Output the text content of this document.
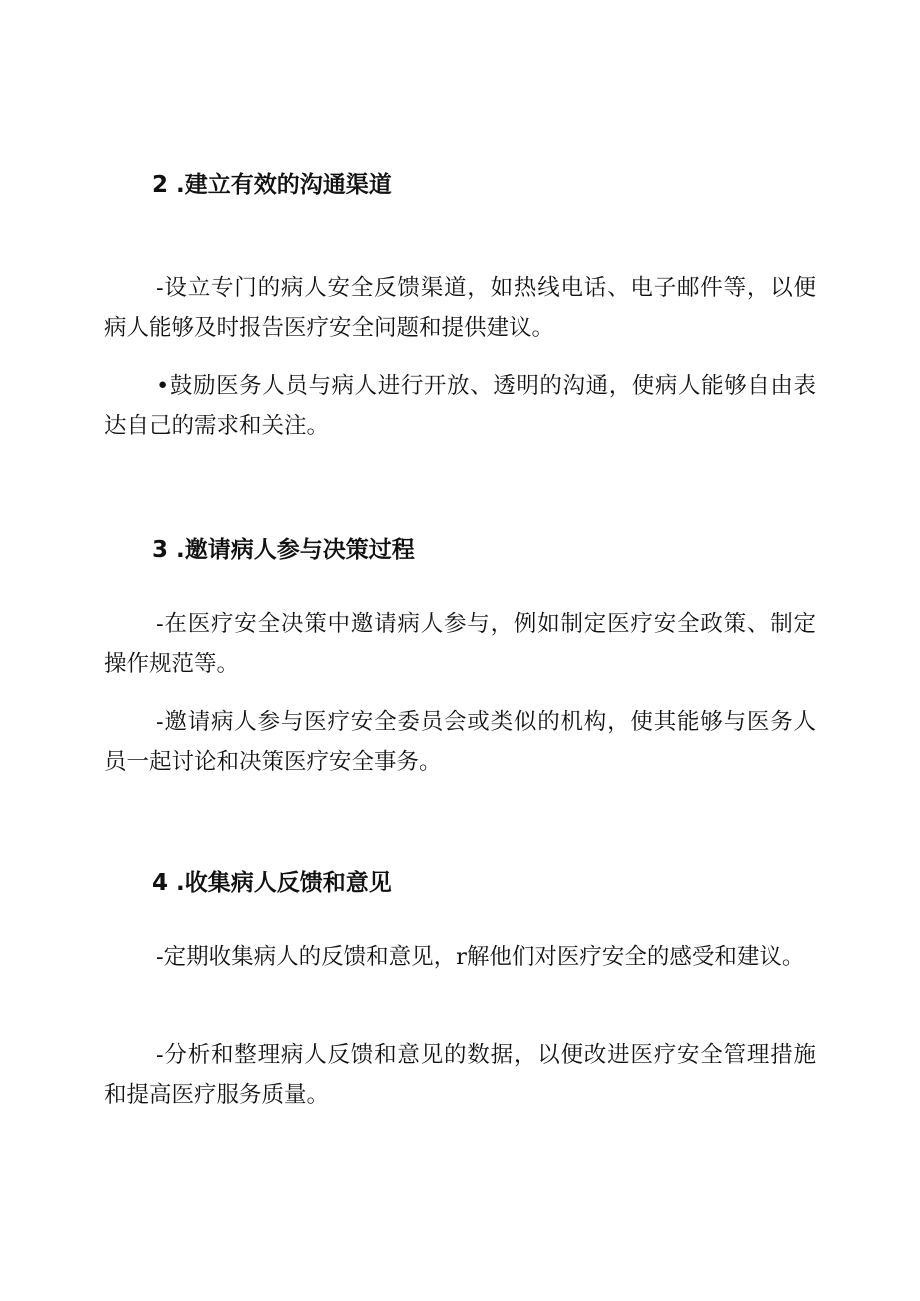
2 .建立有效的沟通渠道
-设立专门的病人安全反馈渠道，如热线电话、电子邮件等，以便病人能够及时报告医疗安全问题和提供建议。
•鼓励医务人员与病人进行开放、透明的沟通，使病人能够自由表达自己的需求和关注。
3 .邀请病人参与决策过程
-在医疗安全决策中邀请病人参与，例如制定医疗安全政策、制定操作规范等。
-邀请病人参与医疗安全委员会或类似的机构，使其能够与医务人员一起讨论和决策医疗安全事务。
4 .收集病人反馈和意见
-定期收集病人的反馈和意见，r解他们对医疗安全的感受和建议。
-分析和整理病人反馈和意见的数据，以便改进医疗安全管理措施和提高医疗服务质量。
